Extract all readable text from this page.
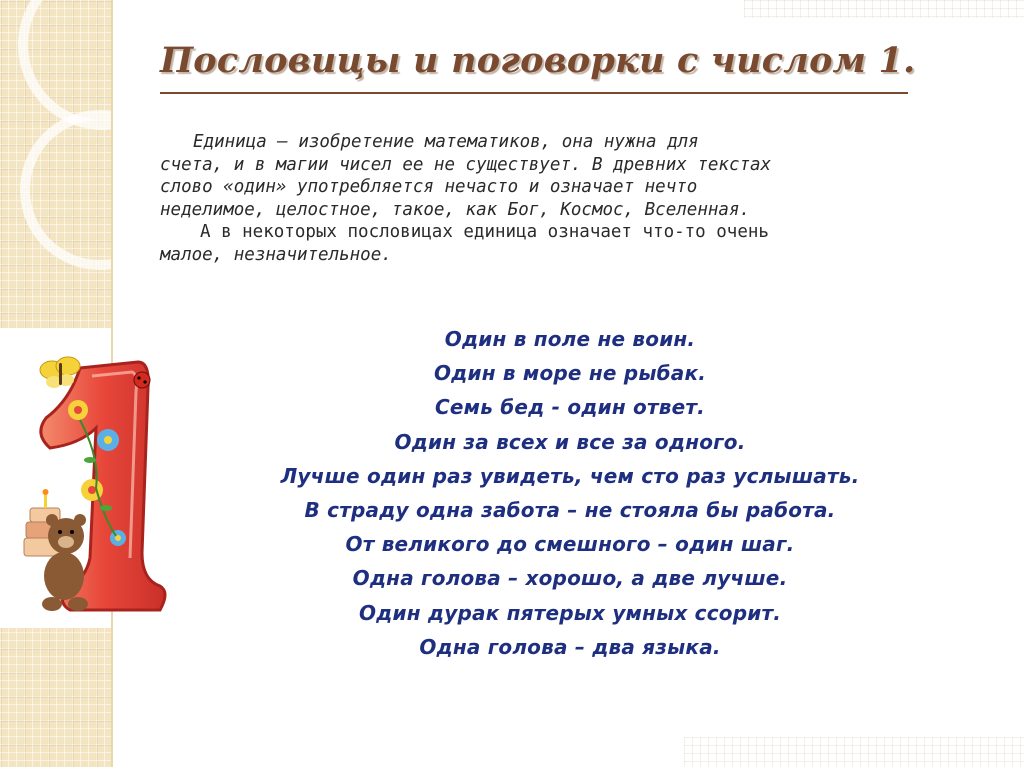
Пословицы и поговорки с числом 1.
Единица – изобретение математиков, она нужна для
счета, и в магии чисел ее не существует. В древних текстах
слово «один» употребляется нечасто и означает нечто
неделимое, целостное, такое, как Бог, Космос, Вселенная.
А в некоторых пословицах единица означает что-то очень
малое, незначительное.
Один в поле не воин.
Один в море не рыбак.
Семь бед - один ответ.
Один за всех и все за одного.
Лучше один раз увидеть, чем сто раз услышать.
В страду одна забота – не стояла бы работа.
От великого до смешного – один шаг.
Одна голова – хорошо, а две лучше.
Один дурак пятерых умных ссорит.
Одна голова – два языка.
